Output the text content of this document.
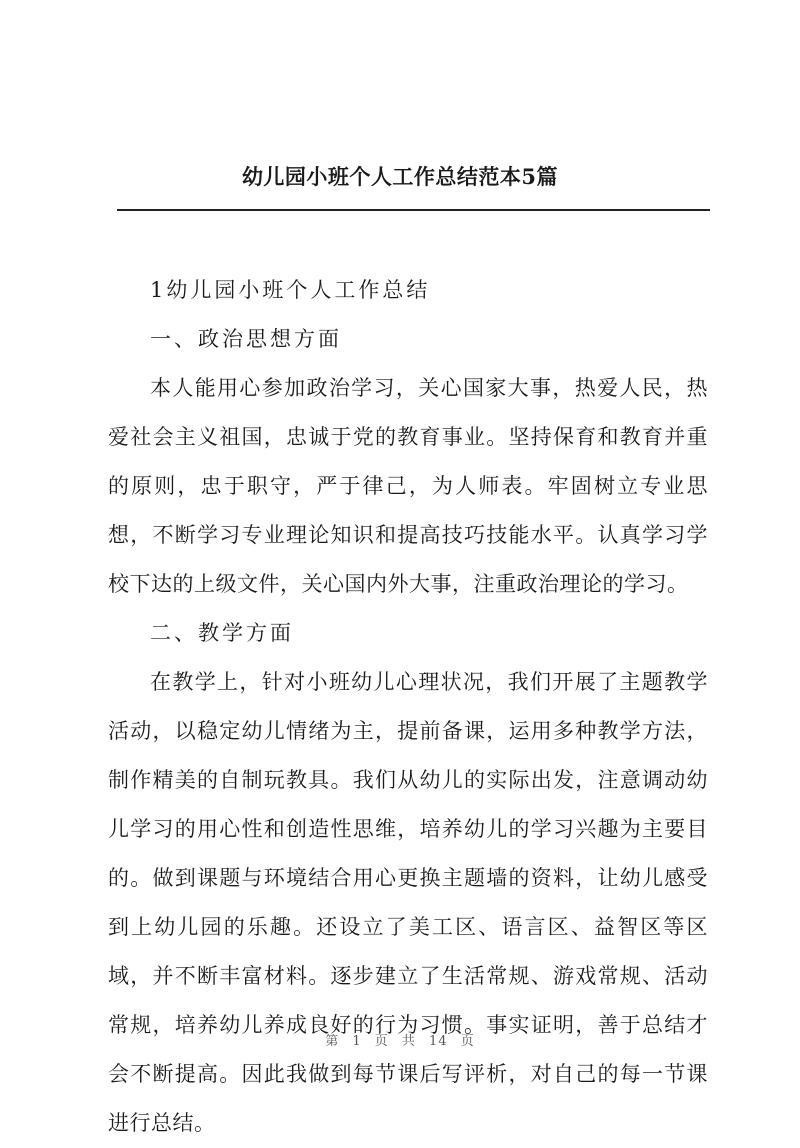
幼儿园小班个人工作总结范本5篇

1幼儿园小班个人工作总结

一、政治思想方面

本人能用心参加政治学习，关心国家大事，热爱人民，热爱社会主义祖国，忠诚于党的教育事业。坚持保育和教育并重的原则，忠于职守，严于律己，为人师表。牢固树立专业思想，不断学习专业理论知识和提高技巧技能水平。认真学习学校下达的上级文件，关心国内外大事，注重政治理论的学习。

二、教学方面

在教学上，针对小班幼儿心理状况，我们开展了主题教学活动，以稳定幼儿情绪为主，提前备课，运用多种教学方法，制作精美的自制玩教具。我们从幼儿的实际出发，注意调动幼儿学习的用心性和创造性思维，培养幼儿的学习兴趣为主要目的。做到课题与环境结合用心更换主题墙的资料，让幼儿感受到上幼儿园的乐趣。还设立了美工区、语言区、益智区等区域，并不断丰富材料。逐步建立了生活常规、游戏常规、活动常规，培养幼儿养成良好的行为习惯。事实证明，善于总结才会不断提高。因此我做到每节课后写评析，对自己的每一节课进行总结。

第 1 页 共 14 页
